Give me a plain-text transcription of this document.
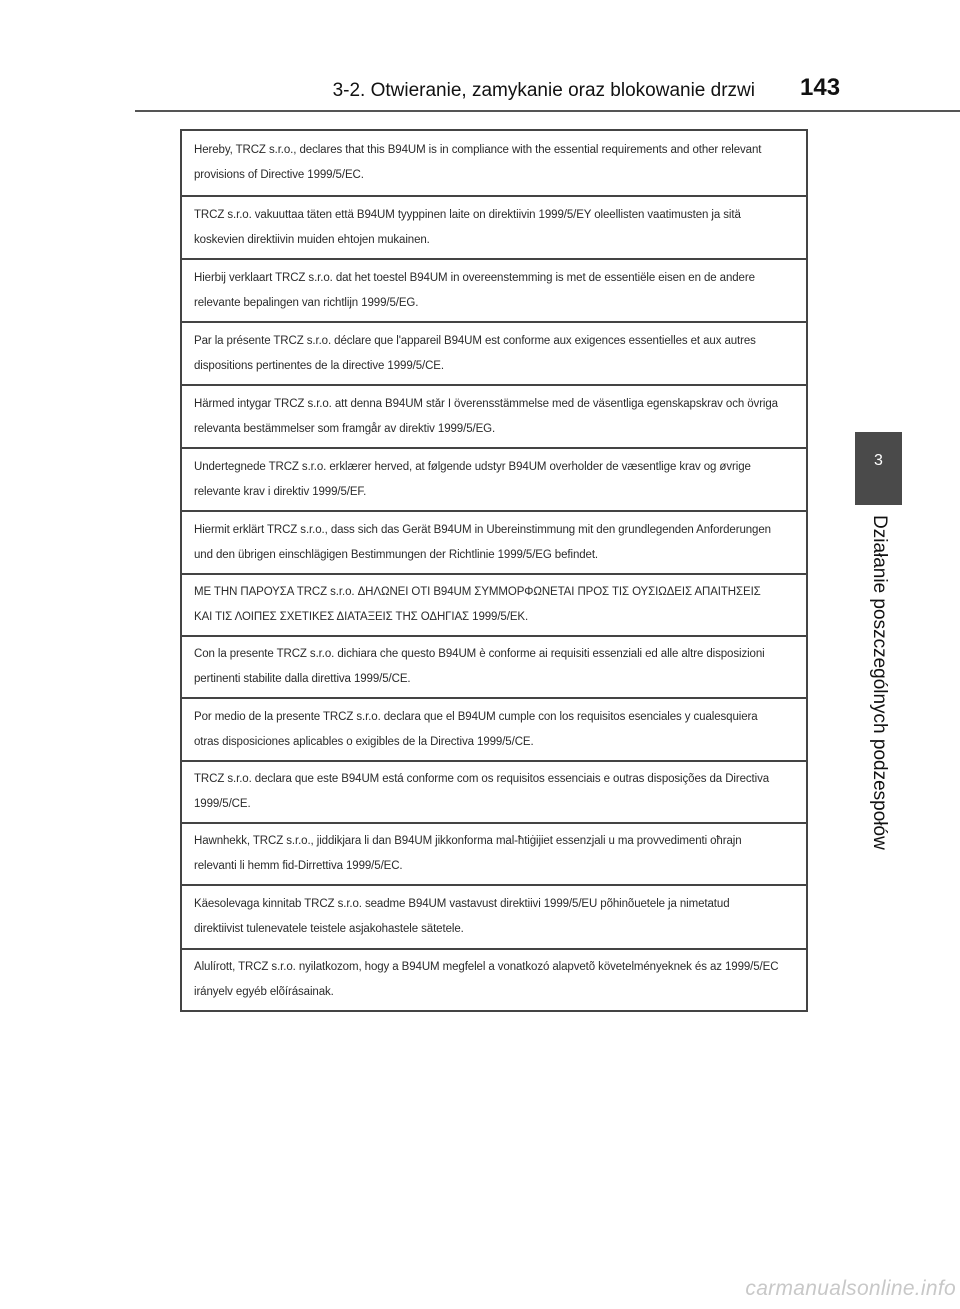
3-2. Otwieranie, zamykanie oraz blokowanie drzwi 143
3
Działanie poszczególnych podzespołów
Hereby, TRCZ s.r.o., declares that this B94UM is in compliance with the essential requirements and other relevant provisions of Directive 1999/5/EC.
TRCZ s.r.o. vakuuttaa täten että B94UM tyyppinen laite on direktiivin 1999/5/EY oleellisten vaatimusten ja sitä koskevien direktiivin muiden ehtojen mukainen.
Hierbij verklaart TRCZ s.r.o. dat het toestel B94UM in overeenstemming is met de essentiële eisen en de andere relevante bepalingen van richtlijn 1999/5/EG.
Par la présente TRCZ s.r.o. déclare que l'appareil B94UM est conforme aux exigences essentielles et aux autres dispositions pertinentes de la directive 1999/5/CE.
Härmed intygar TRCZ s.r.o. att denna B94UM står I överensstämmelse med de väsentliga egenskapskrav och övriga relevanta bestämmelser som framgår av direktiv 1999/5/EG.
Undertegnede TRCZ s.r.o. erklærer herved, at følgende udstyr B94UM overholder de væsentlige krav og øvrige relevante krav i direktiv 1999/5/EF.
Hiermit erklärt TRCZ s.r.o., dass sich das Gerät B94UM in Übereinstimmung mit den grundlegenden Anforderungen und den übrigen einschlägigen Bestimmungen der Richtlinie 1999/5/EG befindet.
ΜΕ ΤΗΝ ΠΑΡΟΥΣΑ TRCZ s.r.o. ΔΗΛΩΝΕΙ ΟΤΙ B94UM ΣΥΜΜΟΡΦΩΝΕΤΑΙ ΠΡΟΣ ΤΙΣ ΟΥΣΙΩΔΕΙΣ ΑΠΑΙΤΗΣΕΙΣ ΚΑΙ ΤΙΣ ΛΟΙΠΕΣ ΣΧΕΤΙΚΕΣ ΔΙΑΤΑΞΕΙΣ ΤΗΣ ΟΔΗΓΙΑΣ 1999/5/ΕΚ.
Con la presente TRCZ s.r.o. dichiara che questo B94UM è conforme ai requisiti essenziali ed alle altre disposizioni pertinenti stabilite dalla direttiva 1999/5/CE.
Por medio de la presente TRCZ s.r.o. declara que el B94UM cumple con los requisitos esenciales y cualesquiera otras disposiciones aplicables o exigibles de la Directiva 1999/5/CE.
TRCZ s.r.o. declara que este B94UM está conforme com os requisitos essenciais e outras disposições da Directiva 1999/5/CE.
Hawnhekk, TRCZ s.r.o., jiddikjara li dan B94UM jikkonforma mal-ħtiġijiet essenzjali u ma provvedimenti oħrajn relevanti li hemm fid-Dirrettiva 1999/5/EC.
Käesolevaga kinnitab TRCZ s.r.o. seadme B94UM vastavust direktiivi 1999/5/EÜ põhinõuetele ja nimetatud direktiivist tulenevatele teistele asjakohastele sätetele.
Alulírott, TRCZ s.r.o. nyilatkozom, hogy a B94UM megfelel a vonatkozó alapvetõ követelményeknek és az 1999/5/EC irányelv egyéb elõírásainak.
carmanualsonline.info
